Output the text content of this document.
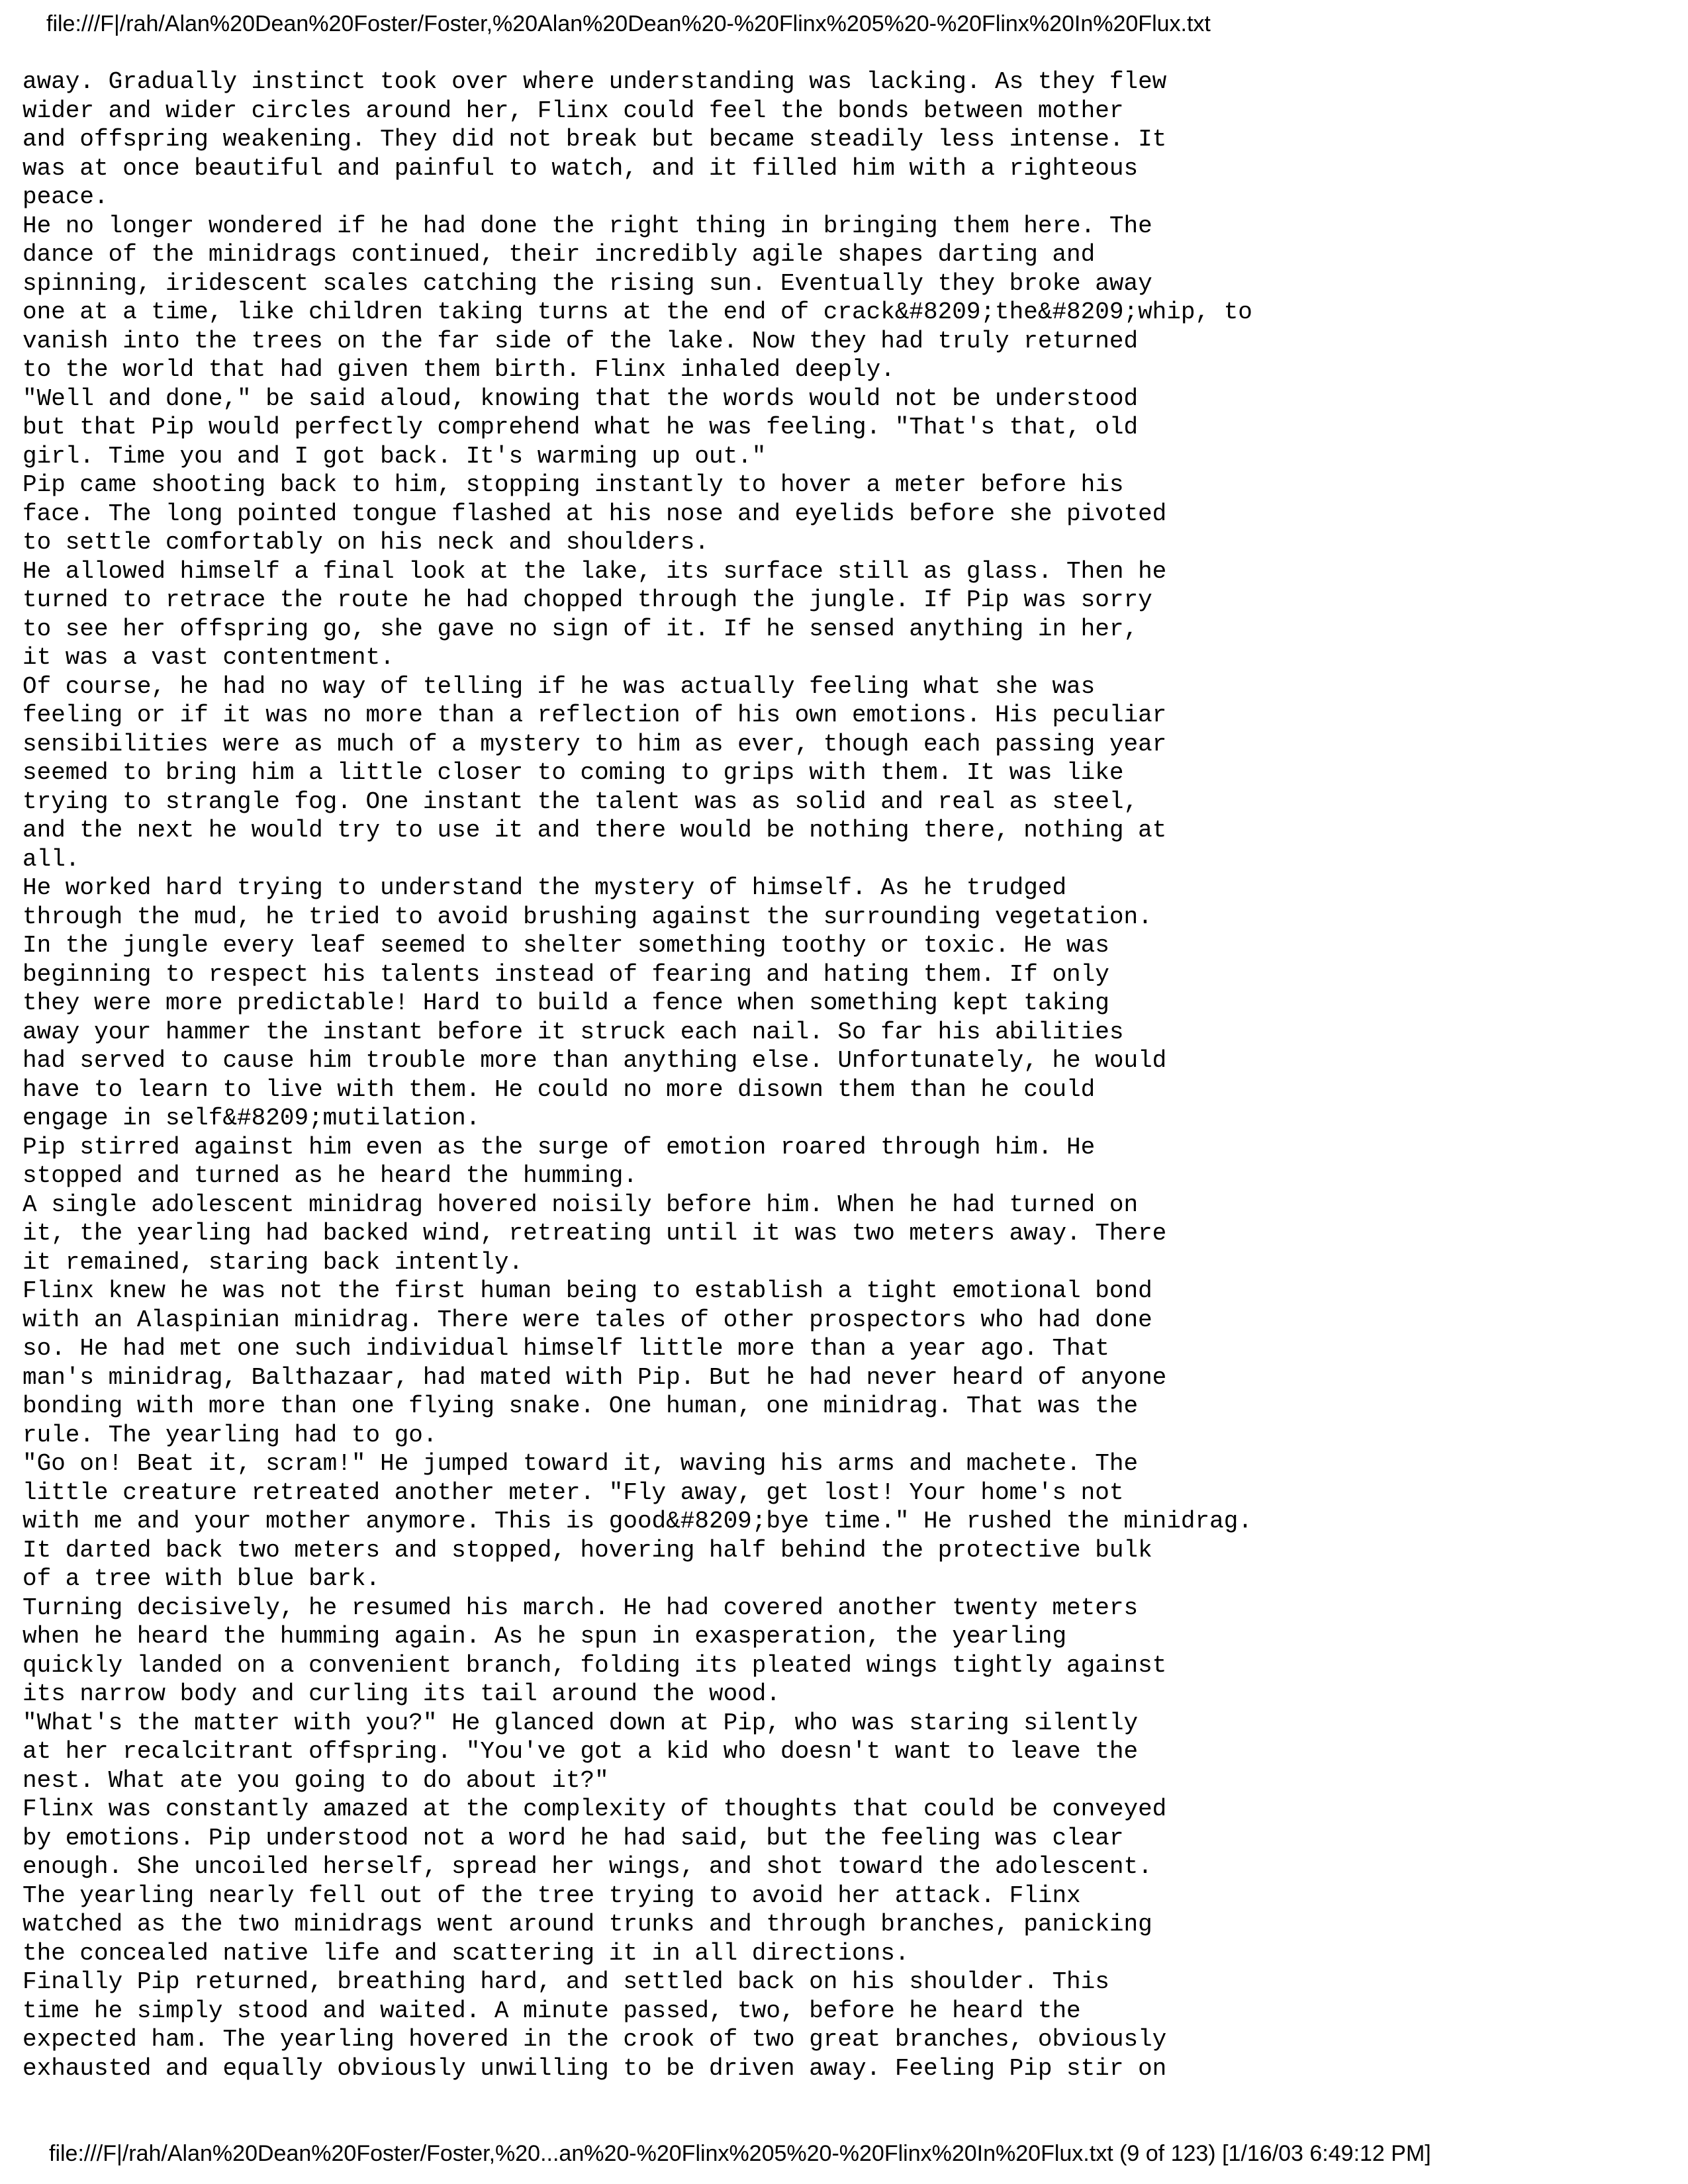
file:///F|/rah/Alan%20Dean%20Foster/Foster,%20Alan%20Dean%20-%20Flinx%205%20-%20Flinx%20In%20Flux.txt
away. Gradually instinct took over where understanding was lacking. As they flew
wider and wider circles around her, Flinx could feel the bonds between mother
and offspring weakening. They did not break but became steadily less intense. It
was at once beautiful and painful to watch, and it filled him with a righteous
peace.
He no longer wondered if he had done the right thing in bringing them here. The
dance of the minidrags continued, their incredibly agile shapes darting and
spinning, iridescent scales catching the rising sun. Eventually they broke away
one at a time, like children taking turns at the end of crack&#8209;the&#8209;whip, to
vanish into the trees on the far side of the lake. Now they had truly returned
to the world that had given them birth. Flinx inhaled deeply.
"Well and done," be said aloud, knowing that the words would not be understood
but that Pip would perfectly comprehend what he was feeling. "That's that, old
girl. Time you and I got back. It's warming up out."
Pip came shooting back to him, stopping instantly to hover a meter before his
face. The long pointed tongue flashed at his nose and eyelids before she pivoted
to settle comfortably on his neck and shoulders.
He allowed himself a final look at the lake, its surface still as glass. Then he
turned to retrace the route he had chopped through the jungle. If Pip was sorry
to see her offspring go, she gave no sign of it. If he sensed anything in her,
it was a vast contentment.
Of course, he had no way of telling if he was actually feeling what she was
feeling or if it was no more than a reflection of his own emotions. His peculiar
sensibilities were as much of a mystery to him as ever, though each passing year
seemed to bring him a little closer to coming to grips with them. It was like
trying to strangle fog. One instant the talent was as solid and real as steel,
and the next he would try to use it and there would be nothing there, nothing at
all.
He worked hard trying to understand the mystery of himself. As he trudged
through the mud, he tried to avoid brushing against the surrounding vegetation.
In the jungle every leaf seemed to shelter something toothy or toxic. He was
beginning to respect his talents instead of fearing and hating them. If only
they were more predictable! Hard to build a fence when something kept taking
away your hammer the instant before it struck each nail. So far his abilities
had served to cause him trouble more than anything else. Unfortunately, he would
have to learn to live with them. He could no more disown them than he could
engage in self&#8209;mutilation.
Pip stirred against him even as the surge of emotion roared through him. He
stopped and turned as he heard the humming.
A single adolescent minidrag hovered noisily before him. When he had turned on
it, the yearling had backed wind, retreating until it was two meters away. There
it remained, staring back intently.
Flinx knew he was not the first human being to establish a tight emotional bond
with an Alaspinian minidrag. There were tales of other prospectors who had done
so. He had met one such individual himself little more than a year ago. That
man's minidrag, Balthazaar, had mated with Pip. But he had never heard of anyone
bonding with more than one flying snake. One human, one minidrag. That was the
rule. The yearling had to go.
"Go on! Beat it, scram!" He jumped toward it, waving his arms and machete. The
little creature retreated another meter. "Fly away, get lost! Your home's not
with me and your mother anymore. This is good&#8209;bye time." He rushed the minidrag.
It darted back two meters and stopped, hovering half behind the protective bulk
of a tree with blue bark.
Turning decisively, he resumed his march. He had covered another twenty meters
when he heard the humming again. As he spun in exasperation, the yearling
quickly landed on a convenient branch, folding its pleated wings tightly against
its narrow body and curling its tail around the wood.
"What's the matter with you?" He glanced down at Pip, who was staring silently
at her recalcitrant offspring. "You've got a kid who doesn't want to leave the
nest. What ate you going to do about it?"
Flinx was constantly amazed at the complexity of thoughts that could be conveyed
by emotions. Pip understood not a word he had said, but the feeling was clear
enough. She uncoiled herself, spread her wings, and shot toward the adolescent.
The yearling nearly fell out of the tree trying to avoid her attack. Flinx
watched as the two minidrags went around trunks and through branches, panicking
the concealed native life and scattering it in all directions.
Finally Pip returned, breathing hard, and settled back on his shoulder. This
time he simply stood and waited. A minute passed, two, before he heard the
expected ham. The yearling hovered in the crook of two great branches, obviously
exhausted and equally obviously unwilling to be driven away. Feeling Pip stir on
file:///F|/rah/Alan%20Dean%20Foster/Foster,%20...an%20-%20Flinx%205%20-%20Flinx%20In%20Flux.txt (9 of 123) [1/16/03 6:49:12 PM]
